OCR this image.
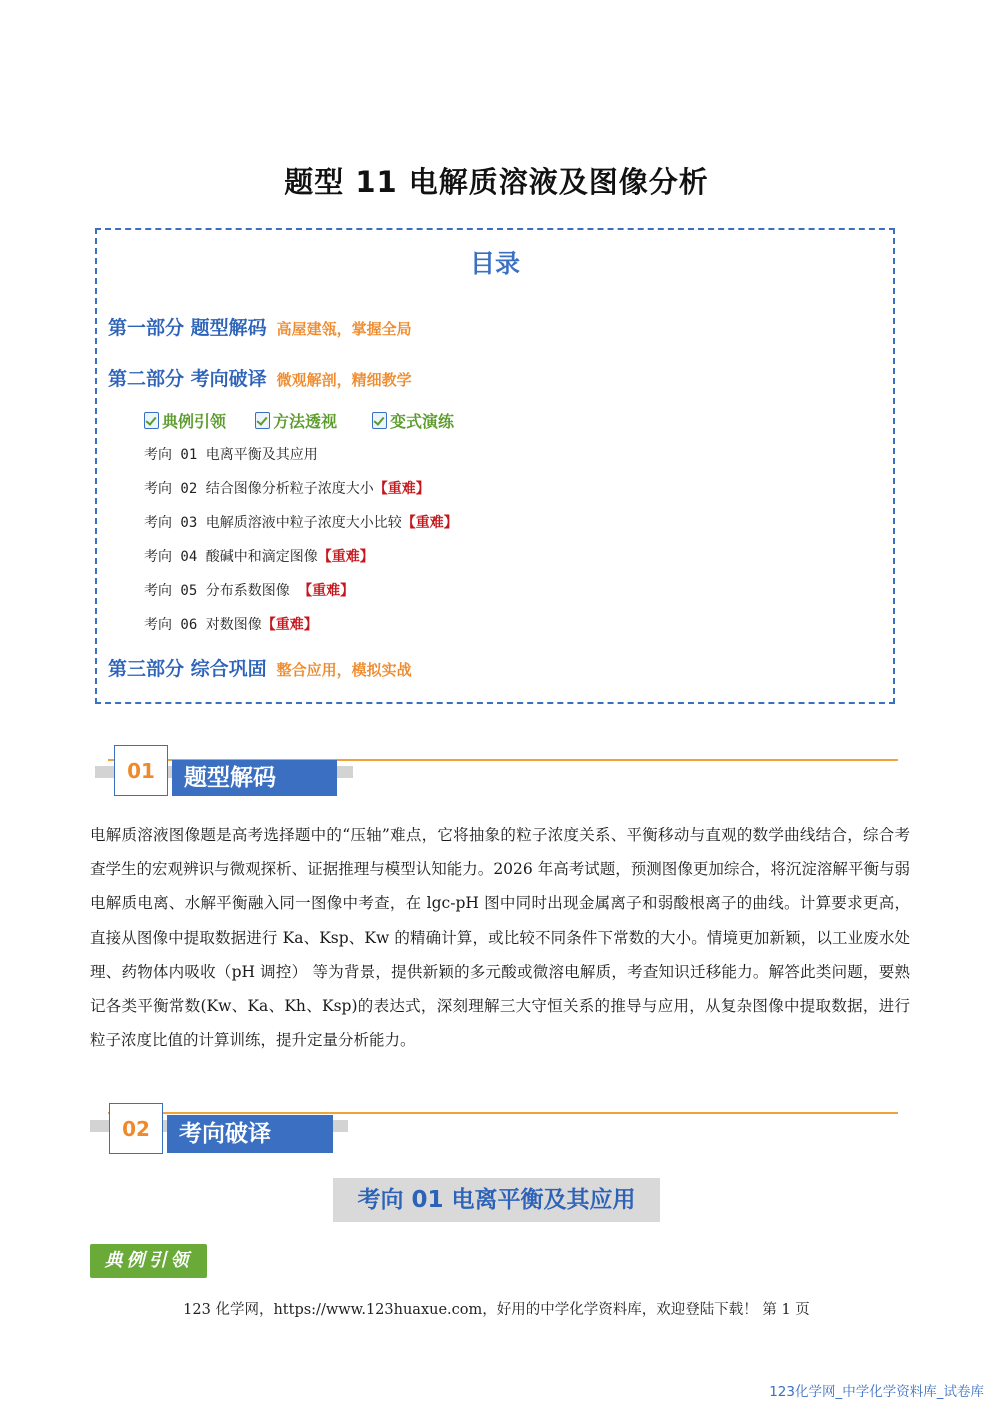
题型 11 电解质溶液及图像分析
目录
第一部分 题型解码 高屋建瓴，掌握全局
第二部分 考向破译 微观解剖，精细教学
典例引领	方法透视	变式演练
考向 01 电离平衡及其应用
考向 02 结合图像分析粒子浓度大小【重难】
考向 03 电解质溶液中粒子浓度大小比较【重难】
考向 04 酸碱中和滴定图像【重难】
考向 05 分布系数图像 【重难】
考向 06 对数图像【重难】
第三部分 综合巩固 整合应用，模拟实战
01	题型解码
电解质溶液图像题是高考选择题中的“压轴”难点，它将抽象的粒子浓度关系、平衡移动与直观的数学曲线结合，综合考查学生的宏观辨识与微观探析、证据推理与模型认知能力。2026 年高考试题，预测图像更加综合，将沉淀溶解平衡与弱电解质电离、水解平衡融入同一图像中考查，在 lgc-pH 图中同时出现金属离子和弱酸根离子的曲线。计算要求更高，直接从图像中提取数据进行 Ka、Ksp、Kw 的精确计算，或比较不同条件下常数的大小。情境更加新颖，以工业废水处理、药物体内吸收（pH 调控） 等为背景，提供新颖的多元酸或微溶电解质，考查知识迁移能力。解答此类问题，要熟记各类平衡常数(Kw、Ka、Kh、Ksp)的表达式，深刻理解三大守恒关系的推导与应用，从复杂图像中提取数据，进行粒子浓度比值的计算训练，提升定量分析能力。
02	考向破译
考向 01 电离平衡及其应用
典例引领
123 化学网，https://www.123huaxue.com，好用的中学化学资料库，欢迎登陆下载！ 第 1 页
123化学网_中学化学资料库_试卷库
